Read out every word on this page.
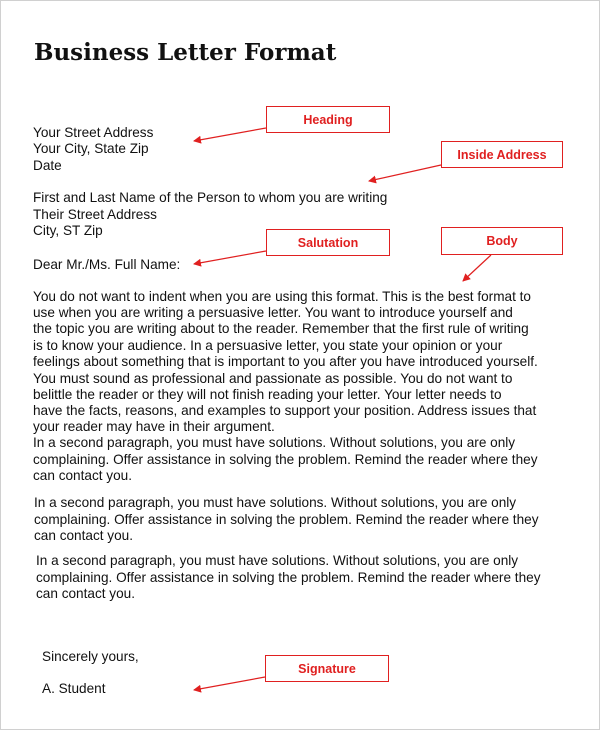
Business Letter Format
Your Street Address
Your City, State Zip
Date
First and Last Name of the Person to whom you are writing
Their Street Address
City, ST Zip
Dear Mr./Ms. Full Name:
You do not want to indent when you are using this format. This is the best format to
use when you are writing a persuasive letter. You want to introduce yourself and
the topic you are writing about to the reader. Remember that the first rule of writing
is to know your audience. In a persuasive letter, you state your opinion or your
feelings about something that is important to you after you have introduced yourself.
You must sound as professional and passionate as possible. You do not want to
belittle the reader or they will not finish reading your letter. Your letter needs to
have the facts, reasons, and examples to support your position. Address issues that
your reader may have in their argument.
In a second paragraph, you must have solutions. Without solutions, you are only
complaining. Offer assistance in solving the problem. Remind the reader where they
can contact you.
In a second paragraph, you must have solutions. Without solutions, you are only
complaining. Offer assistance in solving the problem. Remind the reader where they
can contact you.
In a second paragraph, you must have solutions. Without solutions, you are only
complaining. Offer assistance in solving the problem. Remind the reader where they
can contact you.
Sincerely yours,
A. Student
Heading
Inside Address
Salutation	Body
Signature
